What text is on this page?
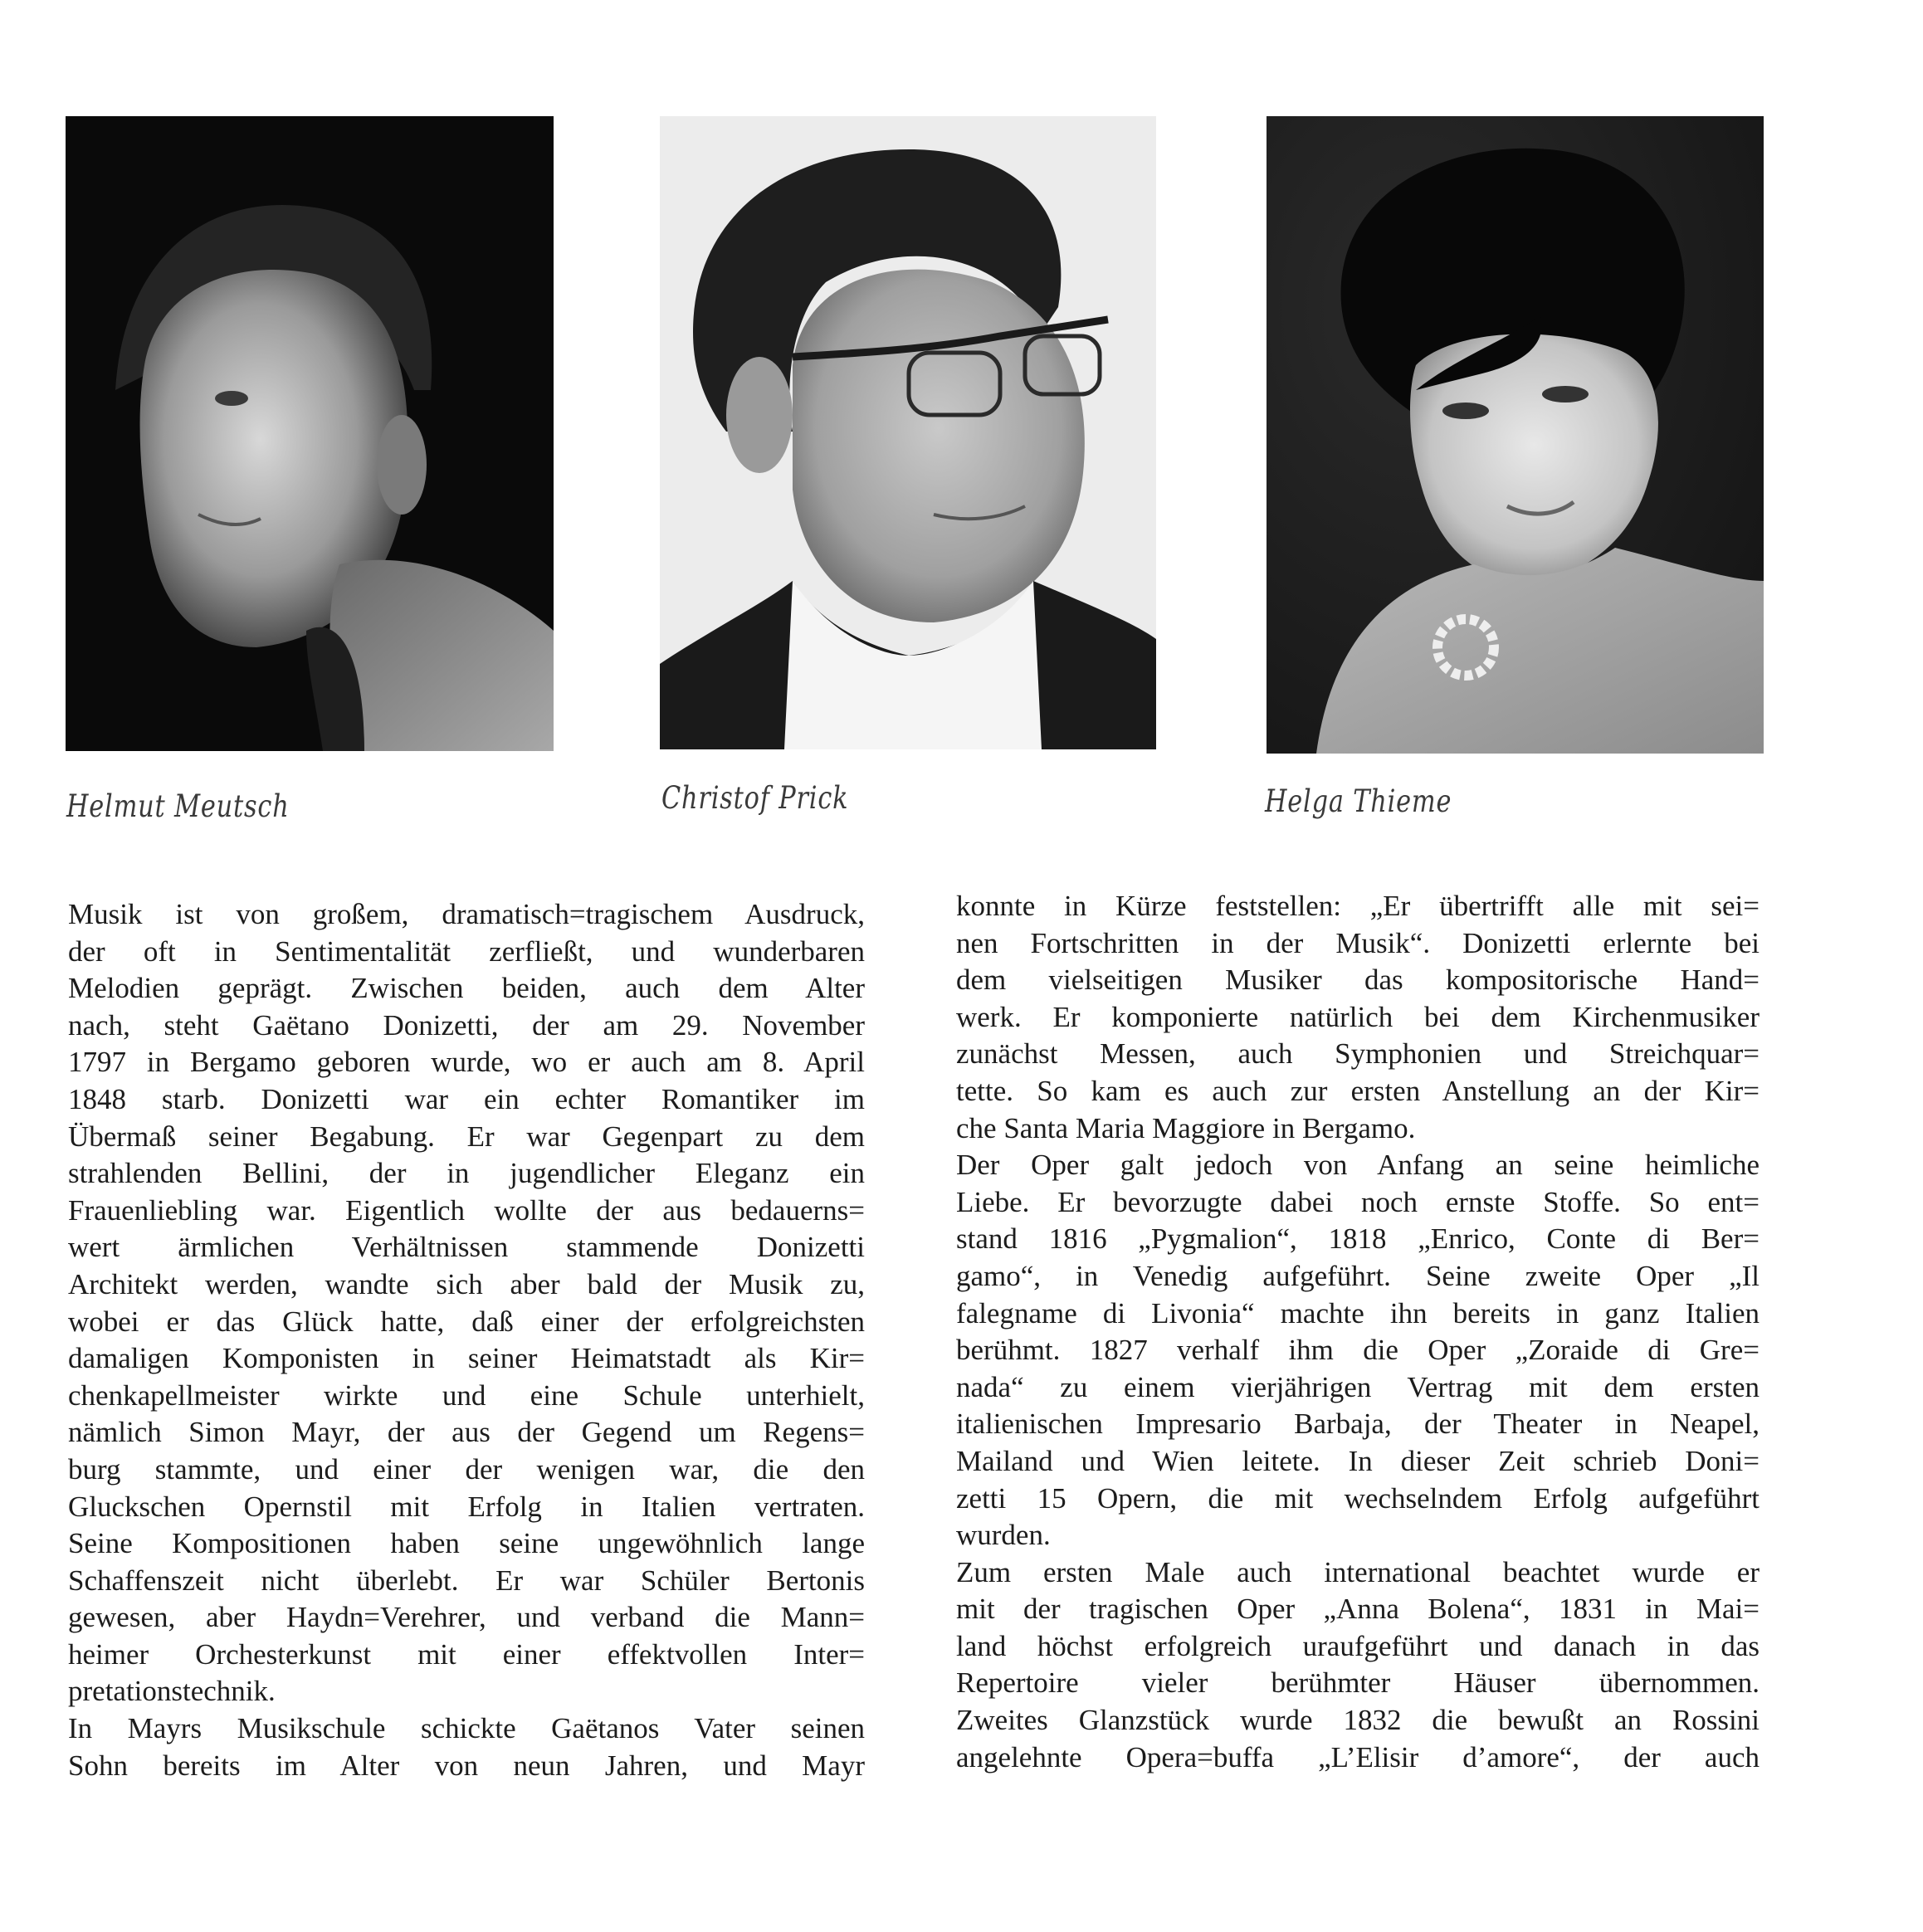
Helmut Meutsch	Christof Prick	Helga Thieme
Musik ist von großem, dramatisch=tragischem Ausdruck,
der oft in Sentimentalität zerfließt, und wunderbaren
Melodien geprägt. Zwischen beiden, auch dem Alter
nach, steht Gaëtano Donizetti, der am 29. November
1797 in Bergamo geboren wurde, wo er auch am 8. April
1848 starb. Donizetti war ein echter Romantiker im
Übermaß seiner Begabung. Er war Gegenpart zu dem
strahlenden Bellini, der in jugendlicher Eleganz ein
Frauenliebling war. Eigentlich wollte der aus bedauerns=
wert ärmlichen Verhältnissen stammende Donizetti
Architekt werden, wandte sich aber bald der Musik zu,
wobei er das Glück hatte, daß einer der erfolgreichsten
damaligen Komponisten in seiner Heimatstadt als Kir=
chenkapellmeister wirkte und eine Schule unterhielt,
nämlich Simon Mayr, der aus der Gegend um Regens=
burg stammte, und einer der wenigen war, die den
Gluckschen Opernstil mit Erfolg in Italien vertraten.
Seine Kompositionen haben seine ungewöhnlich lange
Schaffenszeit nicht überlebt. Er war Schüler Bertonis
gewesen, aber Haydn=Verehrer, und verband die Mann=
heimer Orchesterkunst mit einer effektvollen Inter=
pretationstechnik.
In Mayrs Musikschule schickte Gaëtanos Vater seinen
Sohn bereits im Alter von neun Jahren, und Mayr
konnte in Kürze feststellen: „Er übertrifft alle mit sei=
nen Fortschritten in der Musik“. Donizetti erlernte bei
dem vielseitigen Musiker das kompositorische Hand=
werk. Er komponierte natürlich bei dem Kirchenmusiker
zunächst Messen, auch Symphonien und Streichquar=
tette. So kam es auch zur ersten Anstellung an der Kir=
che Santa Maria Maggiore in Bergamo.
Der Oper galt jedoch von Anfang an seine heimliche
Liebe. Er bevorzugte dabei noch ernste Stoffe. So ent=
stand 1816 „Pygmalion“, 1818 „Enrico, Conte di Ber=
gamo“, in Venedig aufgeführt. Seine zweite Oper „Il
falegname di Livonia“ machte ihn bereits in ganz Italien
berühmt. 1827 verhalf ihm die Oper „Zoraide di Gre=
nada“ zu einem vierjährigen Vertrag mit dem ersten
italienischen Impresario Barbaja, der Theater in Neapel,
Mailand und Wien leitete. In dieser Zeit schrieb Doni=
zetti 15 Opern, die mit wechselndem Erfolg aufgeführt
wurden.
Zum ersten Male auch international beachtet wurde er
mit der tragischen Oper „Anna Bolena“, 1831 in Mai=
land höchst erfolgreich uraufgeführt und danach in das
Repertoire vieler berühmter Häuser übernommen.
Zweites Glanzstück wurde 1832 die bewußt an Rossini
angelehnte Opera=buffa „L’Elisir d’amore“, der auch
